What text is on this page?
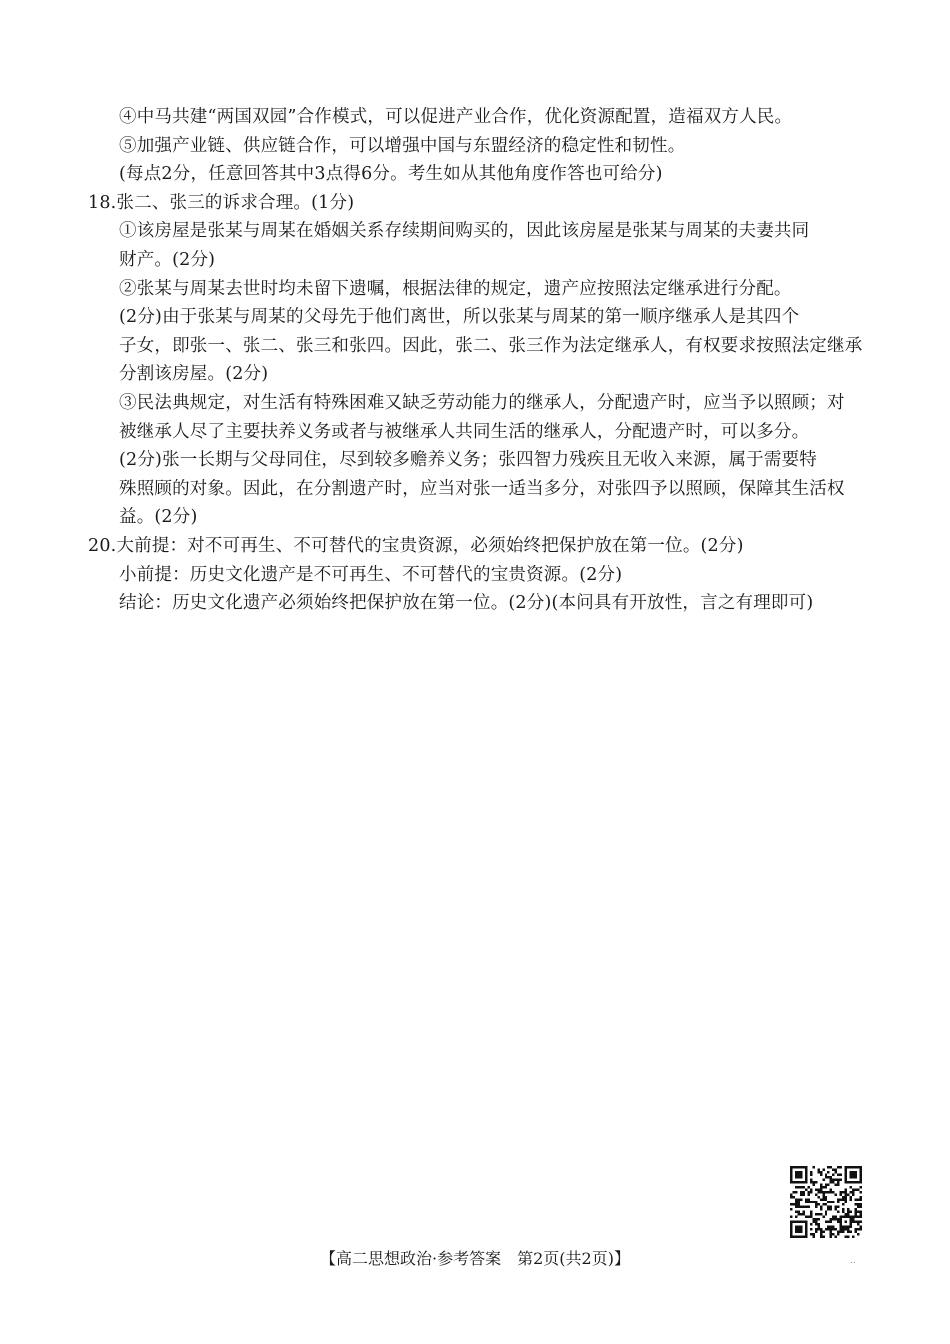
④中马共建“两国双园”合作模式，可以促进产业合作，优化资源配置，造福双方人民。
⑤加强产业链、供应链合作，可以增强中国与东盟经济的稳定性和韧性。
(每点2分，任意回答其中3点得6分。考生如从其他角度作答也可给分)
18.张二、张三的诉求合理。(1分)
①该房屋是张某与周某在婚姻关系存续期间购买的，因此该房屋是张某与周某的夫妻共同
财产。(2分)
②张某与周某去世时均未留下遗嘱，根据法律的规定，遗产应按照法定继承进行分配。
(2分)由于张某与周某的父母先于他们离世，所以张某与周某的第一顺序继承人是其四个
子女，即张一、张二、张三和张四。因此，张二、张三作为法定继承人，有权要求按照法定继承
分割该房屋。(2分)
③民法典规定，对生活有特殊困难又缺乏劳动能力的继承人，分配遗产时，应当予以照顾；对
被继承人尽了主要扶养义务或者与被继承人共同生活的继承人，分配遗产时，可以多分。
(2分)张一长期与父母同住，尽到较多赡养义务；张四智力残疾且无收入来源，属于需要特
殊照顾的对象。因此，在分割遗产时，应当对张一适当多分，对张四予以照顾，保障其生活权
益。(2分)
20.大前提：对不可再生、不可替代的宝贵资源，必须始终把保护放在第一位。(2分)
小前提：历史文化遗产是不可再生、不可替代的宝贵资源。(2分)
结论：历史文化遗产必须始终把保护放在第一位。(2分)(本问具有开放性，言之有理即可)
【高二思想政治·参考答案　第2页(共2页)】	..
